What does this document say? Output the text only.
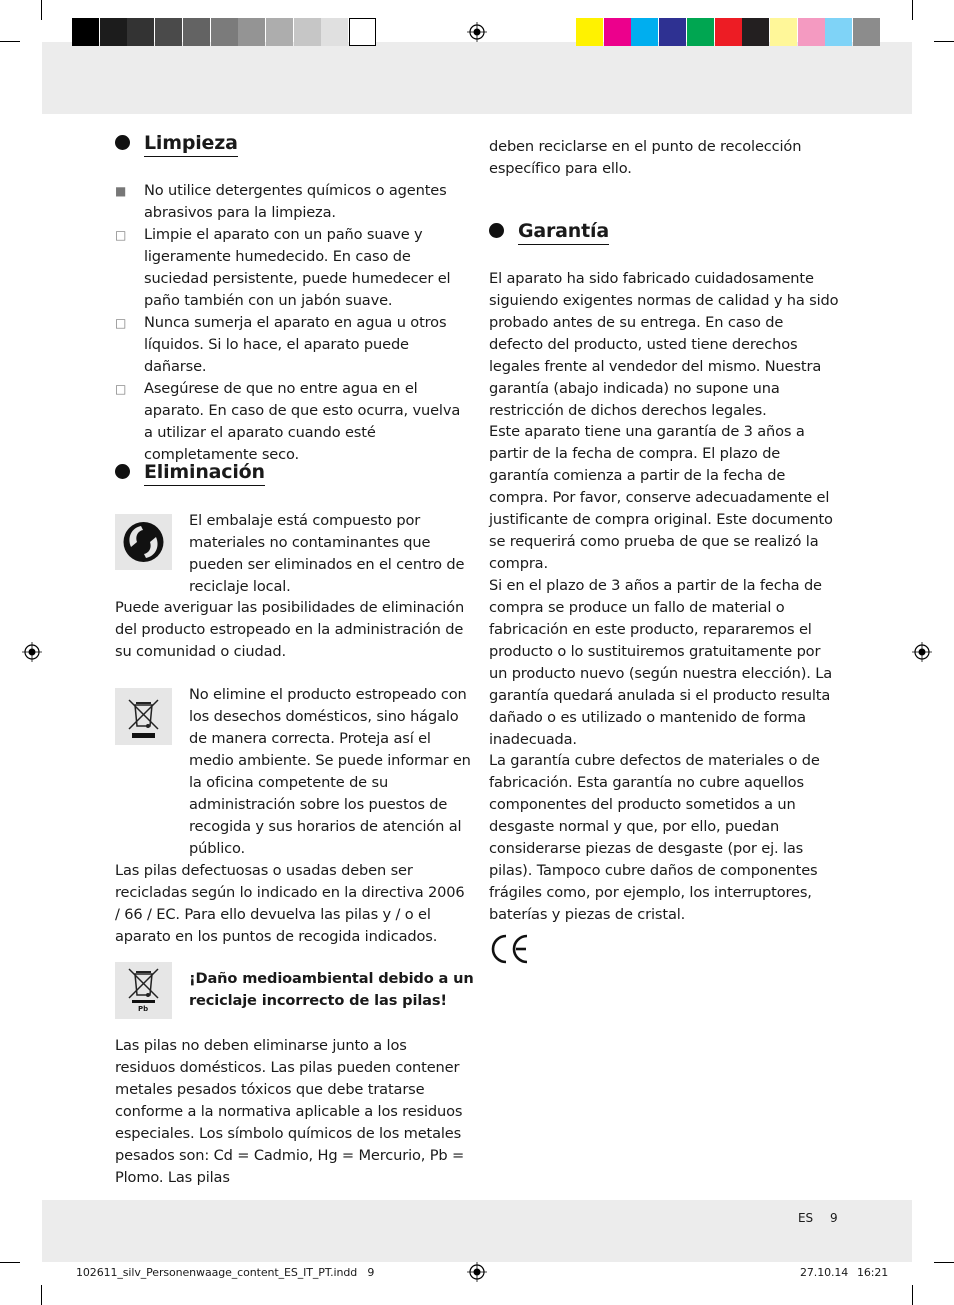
Limpieza
■ No utilice detergentes químicos o agentes abrasivos para la limpieza.
□ Limpie el aparato con un paño suave y ligeramente humedecido. En caso de suciedad persistente, puede humedecer el paño también con un jabón suave.
□ Nunca sumerja el aparato en agua u otros líquidos. Si lo hace, el aparato puede dañarse.
□ Asegúrese de que no entre agua en el aparato. En caso de que esto ocurra, vuelva a utilizar el aparato cuando esté completamente seco.
Eliminación
El embalaje está compuesto por materiales no contaminantes que pueden ser eliminados en el centro de reciclaje local.
Puede averiguar las posibilidades de eliminación del producto estropeado en la administración de su comunidad o ciudad.
No elimine el producto estropeado con los desechos domésticos, sino hágalo de manera correcta. Proteja así el medio ambiente. Se puede informar en la oficina competente de su administración sobre los puestos de recogida y sus horarios de atención al público.
Las pilas defectuosas o usadas deben ser recicladas según lo indicado en la directiva 2006 / 66 / EC. Para ello devuelva las pilas y / o el aparato en los puntos de recogida indicados.
Pb
¡Daño medioambiental debido a un reciclaje incorrecto de las pilas!
Las pilas no deben eliminarse junto a los residuos domésticos. Las pilas pueden contener metales pesados tóxicos que debe tratarse conforme a la normativa aplicable a los residuos especiales. Los símbolo químicos de los metales pesados son: Cd = Cadmio, Hg = Mercurio, Pb = Plomo. Las pilas
deben reciclarse en el punto de recolección específico para ello.
Garantía
El aparato ha sido fabricado cuidadosamente siguiendo exigentes normas de calidad y ha sido probado antes de su entrega. En caso de defecto del producto, usted tiene derechos legales frente al vendedor del mismo. Nuestra garantía (abajo indicada) no supone una restricción de dichos derechos legales.
Este aparato tiene una garantía de 3 años a partir de la fecha de compra. El plazo de garantía comienza a partir de la fecha de compra. Por favor, conserve adecuadamente el justificante de compra original. Este documento se requerirá como prueba de que se realizó la compra.
Si en el plazo de 3 años a partir de la fecha de compra se produce un fallo de material o fabricación en este producto, repararemos el producto o lo sustituiremos gratuitamente por un producto nuevo (según nuestra elección). La garantía quedará anulada si el producto resulta dañado o es utilizado o mantenido de forma inadecuada.
La garantía cubre defectos de materiales o de fabricación. Esta garantía no cubre aquellos componentes del producto sometidos a un desgaste normal y que, por ello, puedan considerarse piezas de desgaste (por ej. las pilas). Tampoco cubre daños de componentes frágiles como, por ejemplo, los interruptores, baterías y piezas de cristal.
ES 9
102611_silv_Personenwaage_content_ES_IT_PT.indd   9	27.10.14 16:21
